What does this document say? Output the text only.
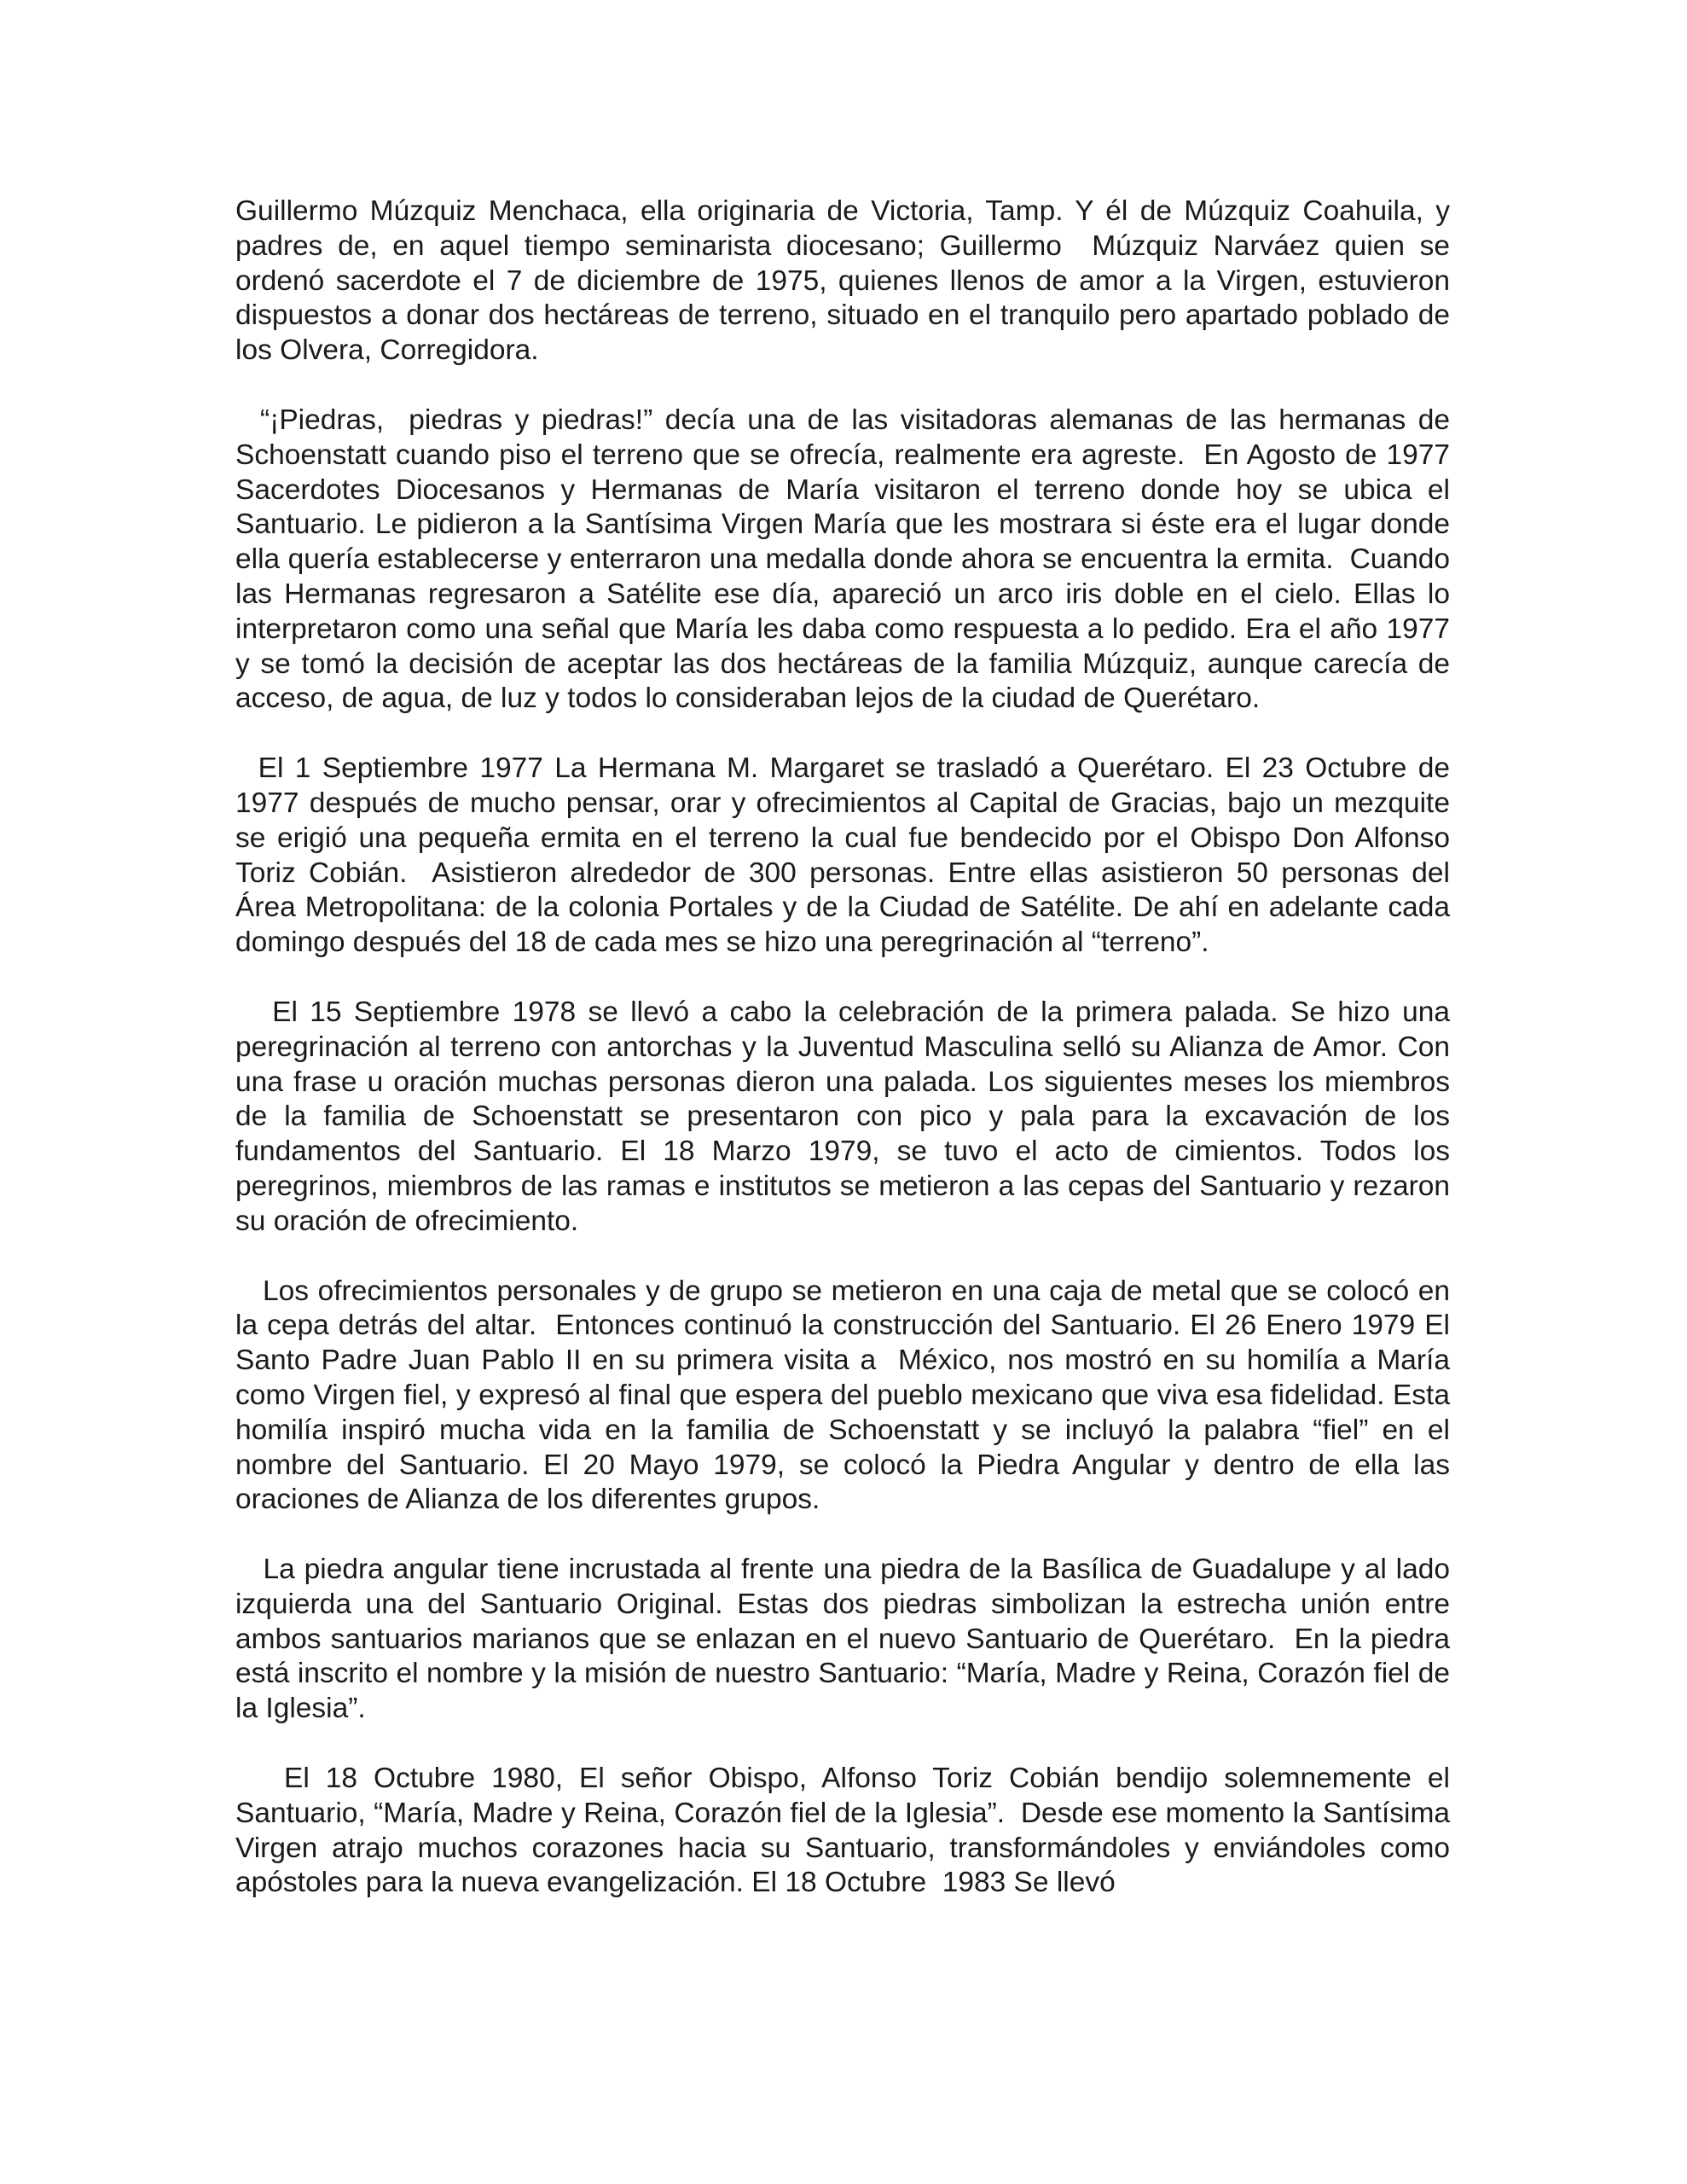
Guillermo Múzquiz Menchaca, ella originaria de Victoria, Tamp. Y él de Múzquiz Coahuila, y padres de, en aquel tiempo seminarista diocesano; Guillermo  Múzquiz Narváez quien se ordenó sacerdote el 7 de diciembre de 1975, quienes llenos de amor a la Virgen, estuvieron dispuestos a donar dos hectáreas de terreno, situado en el tranquilo pero apartado poblado de los Olvera, Corregidora.

“¡Piedras,  piedras y piedras!” decía una de las visitadoras alemanas de las hermanas de Schoenstatt cuando piso el terreno que se ofrecía, realmente era agreste.  En Agosto de 1977 Sacerdotes Diocesanos y Hermanas de María visitaron el terreno donde hoy se ubica el Santuario. Le pidieron a la Santísima Virgen María que les mostrara si éste era el lugar donde ella quería establecerse y enterraron una medalla donde ahora se encuentra la ermita.  Cuando las Hermanas regresaron a Satélite ese día, apareció un arco iris doble en el cielo. Ellas lo interpretaron como una señal que María les daba como respuesta a lo pedido. Era el año 1977 y se tomó la decisión de aceptar las dos hectáreas de la familia Múzquiz, aunque carecía de acceso, de agua, de luz y todos lo consideraban lejos de la ciudad de Querétaro.

El 1 Septiembre 1977 La Hermana M. Margaret se trasladó a Querétaro. El 23 Octubre de 1977 después de mucho pensar, orar y ofrecimientos al Capital de Gracias, bajo un mezquite se erigió una pequeña ermita en el terreno la cual fue bendecido por el Obispo Don Alfonso Toriz Cobián.  Asistieron alrededor de 300 personas. Entre ellas asistieron 50 personas del Área Metropolitana: de la colonia Portales y de la Ciudad de Satélite. De ahí en adelante cada domingo después del 18 de cada mes se hizo una peregrinación al “terreno”.

El 15 Septiembre 1978 se llevó a cabo la celebración de la primera palada. Se hizo una peregrinación al terreno con antorchas y la Juventud Masculina selló su Alianza de Amor. Con una frase u oración muchas personas dieron una palada. Los siguientes meses los miembros de la familia de Schoenstatt se presentaron con pico y pala para la excavación de los fundamentos del Santuario. El 18 Marzo 1979, se tuvo el acto de cimientos. Todos los peregrinos, miembros de las ramas e institutos se metieron a las cepas del Santuario y rezaron su oración de ofrecimiento.

Los ofrecimientos personales y de grupo se metieron en una caja de metal que se colocó en la cepa detrás del altar.  Entonces continuó la construcción del Santuario. El 26 Enero 1979 El Santo Padre Juan Pablo II en su primera visita a  México, nos mostró en su homilía a María como Virgen fiel, y expresó al final que espera del pueblo mexicano que viva esa fidelidad. Esta homilía inspiró mucha vida en la familia de Schoenstatt y se incluyó la palabra “fiel” en el nombre del Santuario. El 20 Mayo 1979, se colocó la Piedra Angular y dentro de ella las oraciones de Alianza de los diferentes grupos.

La piedra angular tiene incrustada al frente una piedra de la Basílica de Guadalupe y al lado izquierda una del Santuario Original. Estas dos piedras simbolizan la estrecha unión entre ambos santuarios marianos que se enlazan en el nuevo Santuario de Querétaro.  En la piedra está inscrito el nombre y la misión de nuestro Santuario: “María, Madre y Reina, Corazón fiel de la Iglesia”.

El 18 Octubre 1980, El señor Obispo, Alfonso Toriz Cobián bendijo solemnemente el Santuario, “María, Madre y Reina, Corazón fiel de la Iglesia”.  Desde ese momento la Santísima Virgen atrajo muchos corazones hacia su Santuario, transformándoles y enviándoles como apóstoles para la nueva evangelización. El 18 Octubre  1983 Se llevó
